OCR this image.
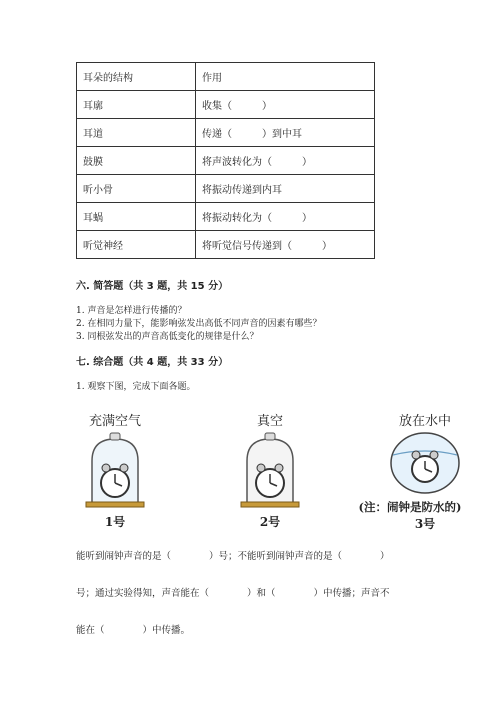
耳朵的结构	作用
耳廓	收集（　　　）
耳道	传递（　　　）到中耳
鼓膜	将声波转化为（　　　）
听小骨	将振动传递到内耳
耳蜗	将振动转化为（　　　）
听觉神经	将听觉信号传递到（　　　）
六. 简答题（共 3 题，共 15 分）
1. 声音是怎样进行传播的？
2. 在相同力量下，能影响弦发出高低不同声音的因素有哪些？
3. 同根弦发出的声音高低变化的规律是什么？
七. 综合题（共 4 题，共 33 分）
1. 观察下图，完成下面各题。
充满空气
1号
真空
2号
放在水中
(注：闹钟是防水的)
3号
能听到闹钟声音的是（　　　　）号；不能听到闹钟声音的是（　　　　）
号；通过实验得知，声音能在（　　　　）和（　　　　）中传播；声音不
能在（　　　　）中传播。
